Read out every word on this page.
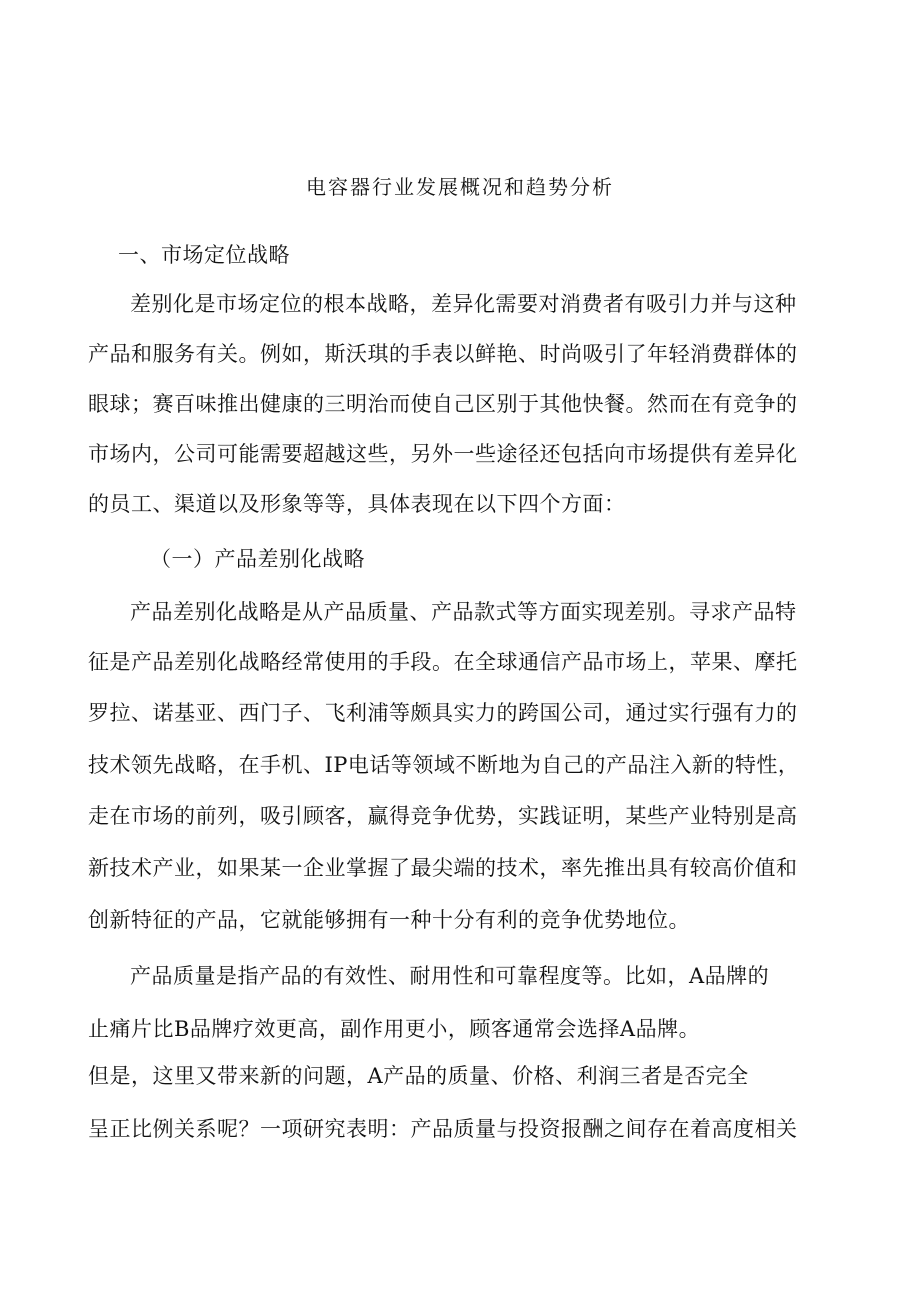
电容器行业发展概况和趋势分析
一、市场定位战略
差别化是市场定位的根本战略，差异化需要对消费者有吸引力并与这种
产品和服务有关。例如，斯沃琪的手表以鲜艳、时尚吸引了年轻消费群体的
眼球；赛百味推出健康的三明治而使自己区别于其他快餐。然而在有竞争的
市场内，公司可能需要超越这些，另外一些途径还包括向市场提供有差异化
的员工、渠道以及形象等等，具体表现在以下四个方面：
（一）产品差别化战略
产品差别化战略是从产品质量、产品款式等方面实现差别。寻求产品特
征是产品差别化战略经常使用的手段。在全球通信产品市场上，苹果、摩托
罗拉、诺基亚、西门子、飞利浦等颇具实力的跨国公司，通过实行强有力的
技术领先战略，在手机、IP电话等领域不断地为自己的产品注入新的特性，
走在市场的前列，吸引顾客，赢得竞争优势，实践证明，某些产业特别是高
新技术产业，如果某一企业掌握了最尖端的技术，率先推出具有较高价值和
创新特征的产品，它就能够拥有一种十分有利的竞争优势地位。
产品质量是指产品的有效性、耐用性和可靠程度等。比如，A品牌的
止痛片比B品牌疗效更高，副作用更小，顾客通常会选择A品牌。
但是，这里又带来新的问题，A产品的质量、价格、利润三者是否完全
呈正比例关系呢？一项研究表明：产品质量与投资报酬之间存在着高度相关
